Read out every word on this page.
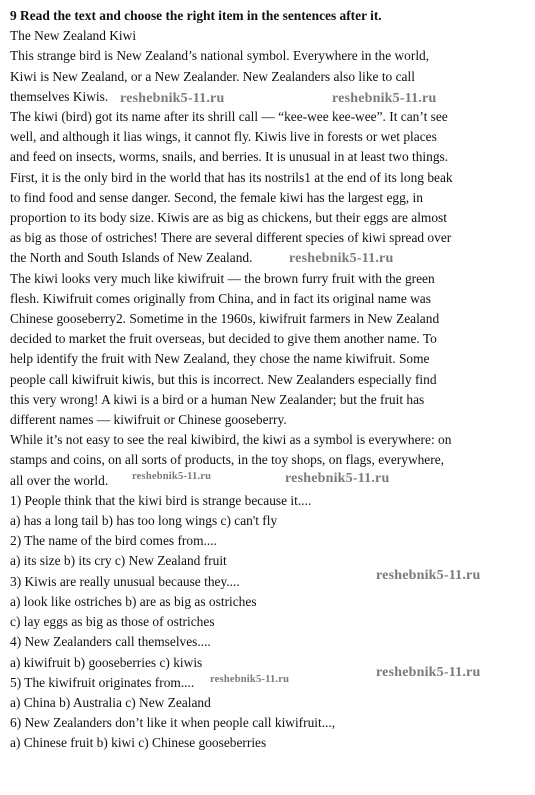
9 Read the text and choose the right item in the sentences after it.
The New Zealand Kiwi
This strange bird is New Zealand’s national symbol. Everywhere in the world,
Kiwi is New Zealand, or a New Zealander. New Zealanders also like to call
themselves Kiwis.
The kiwi (bird) got its name after its shrill call — “kee-wee kee-wee”. It can’t see
well, and although it lias wings, it cannot fly. Kiwis live in forests or wet places
and feed on insects, worms, snails, and berries. It is unusual in at least two things.
First, it is the only bird in the world that has its nostrils1 at the end of its long beak
to find food and sense danger. Second, the female kiwi has the largest egg, in
proportion to its body size. Kiwis are as big as chickens, but their eggs are almost
as big as those of ostriches! There are several different species of kiwi spread over
the North and South Islands of New Zealand.
The kiwi looks very much like kiwifruit — the brown furry fruit with the green
flesh. Kiwifruit comes originally from China, and in fact its original name was
Chinese gooseberry2. Sometime in the 1960s, kiwifruit farmers in New Zealand
decided to market the fruit overseas, but decided to give them another name. To
help identify the fruit with New Zealand, they chose the name kiwifruit. Some
people call kiwifruit kiwis, but this is incorrect. New Zealanders especially find
this very wrong! A kiwi is a bird or a human New Zealander; but the fruit has
different names — kiwifruit or Chinese gooseberry.
While it’s not easy to see the real kiwibird, the kiwi as a symbol is everywhere: on
stamps and coins, on all sorts of products, in the toy shops, on flags, everywhere,
all over the world.
1) People think that the kiwi bird is strange because it....
a) has a long tail b) has too long wings c) can't fly
2) The name of the bird comes from....
a) its size b) its cry c) New Zealand fruit
3) Kiwis are really unusual because they....
a) look like ostriches b) are as big as ostriches
c) lay eggs as big as those of ostriches
4) New Zealanders call themselves....
a) kiwifruit b) gooseberries c) kiwis
5) The kiwifruit originates from....
a) China b) Australia c) New Zealand
6) New Zealanders don’t like it when people call kiwifruit...,
a) Chinese fruit b) kiwi c) Chinese gooseberries
reshebnik5-11.ru	reshebnik5-11.ru
reshebnik5-11.ru
reshebnik5-11.ru	reshebnik5-11.ru
reshebnik5-11.ru
reshebnik5-11.ru
reshebnik5-11.ru
